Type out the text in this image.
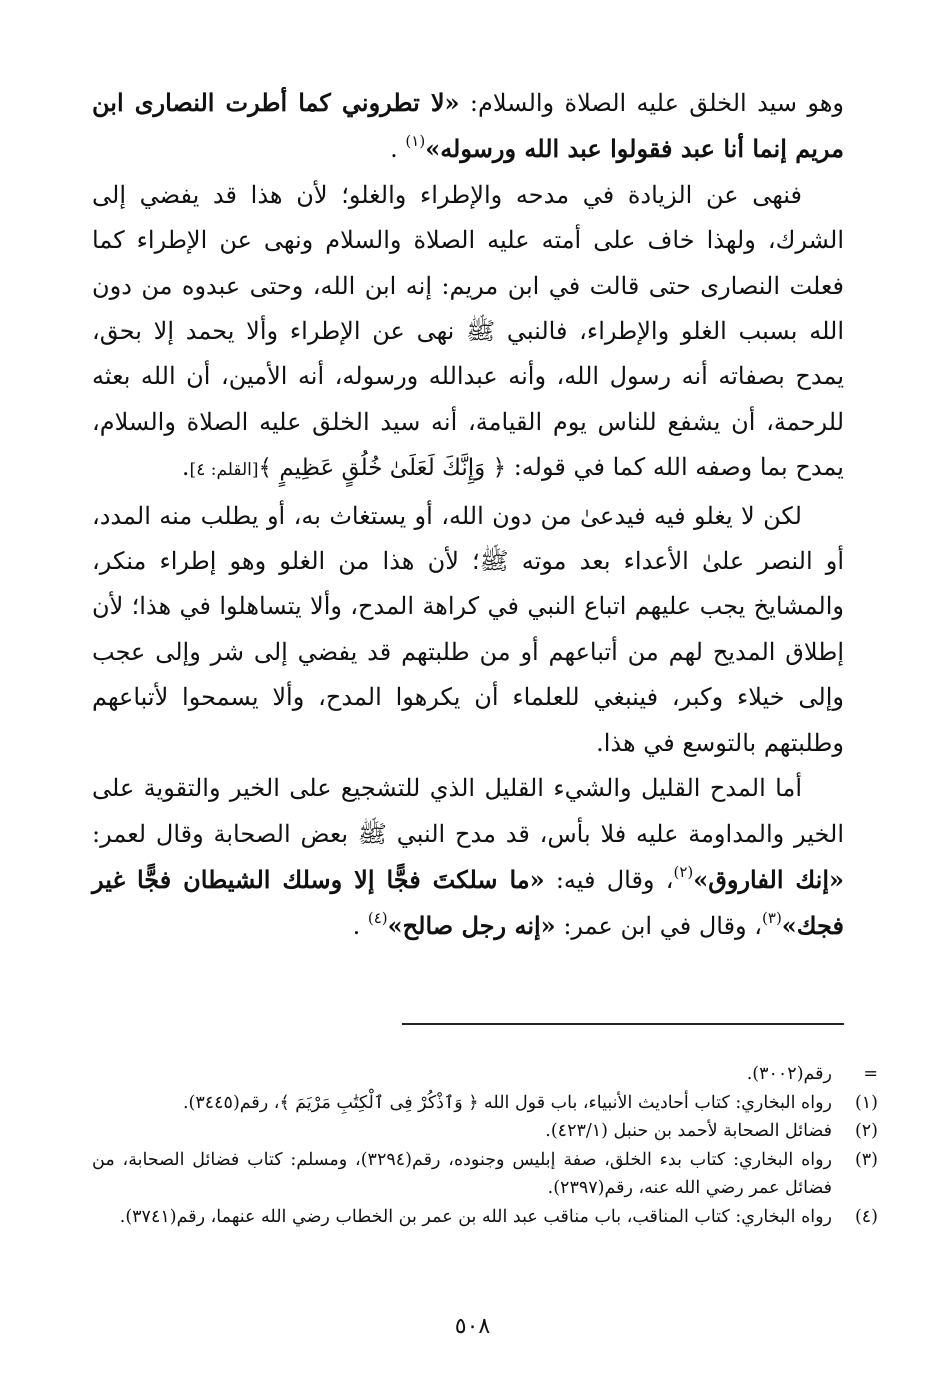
وهو سيد الخلق عليه الصلاة والسلام: «لا تطروني كما أطرت النصارى ابن مريم إنما أنا عبد فقولوا عبد الله ورسوله»$^{(١)}$ .

فنهى عن الزيادة في مدحه والإطراء والغلو؛ لأن هذا قد يفضي إلى الشرك، ولهذا خاف على أمته عليه الصلاة والسلام ونهى عن الإطراء كما فعلت النصارى حتى قالت في ابن مريم: إنه ابن الله، وحتى عبدوه من دون الله بسبب الغلو والإطراء، فالنبي ﷺ نهى عن الإطراء وألا يحمد إلا بحق، يمدح بصفاته أنه رسول الله، وأنه عبدالله ورسوله، أنه الأمين، أن الله بعثه للرحمة، أن يشفع للناس يوم القيامة، أنه سيد الخلق عليه الصلاة والسلام، يمدح بما وصفه الله كما في قوله: ﴿ وَإِنَّكَ لَعَلَىٰ خُلُقٍ عَظِيمٍ ﴾[القلم: ٤].

لكن لا يغلو فيه فيدعىٰ من دون الله، أو يستغاث به، أو يطلب منه المدد، أو النصر علىٰ الأعداء بعد موته ﷺ؛ لأن هذا من الغلو وهو إطراء منكر، والمشايخ يجب عليهم اتباع النبي في كراهة المدح، وألا يتساهلوا في هذا؛ لأن إطلاق المديح لهم من أتباعهم أو من طلبتهم قد يفضي إلى شر وإلى عجب وإلى خيلاء وكبر، فينبغي للعلماء أن يكرهوا المدح، وألا يسمحوا لأتباعهم وطلبتهم بالتوسع في هذا.

أما المدح القليل والشيء القليل الذي للتشجيع على الخير والتقوية على الخير والمداومة عليه فلا بأس، قد مدح النبي ﷺ بعض الصحابة وقال لعمر: «إنك الفاروق»$^{(٢)}$، وقال فيه: «ما سلكتَ فجًّا إلا وسلك الشيطان فجًّا غير فجك»$^{(٣)}$، وقال في ابن عمر: «إنه رجل صالح»$^{(٤)}$ .

=
رقم(٣٠٠٢).
(١)
رواه البخاري: كتاب أحاديث الأنبياء، باب قول الله ﴿ وَٱذْكُرْ فِى ٱلْكِتَٰبِ مَرْيَمَ ﴾، رقم(٣٤٤٥).
(٢)
فضائل الصحابة لأحمد بن حنبل (٤٢٣/١).
(٣)
رواه البخاري: كتاب بدء الخلق، صفة إبليس وجنوده، رقم(٣٢٩٤)، ومسلم: كتاب فضائل الصحابة، من فضائل عمر رضي الله عنه، رقم(٢٣٩٧).
(٤)
رواه البخاري: كتاب المناقب، باب مناقب عبد الله بن عمر بن الخطاب رضي الله عنهما، رقم(٣٧٤١).
٥٠٨
